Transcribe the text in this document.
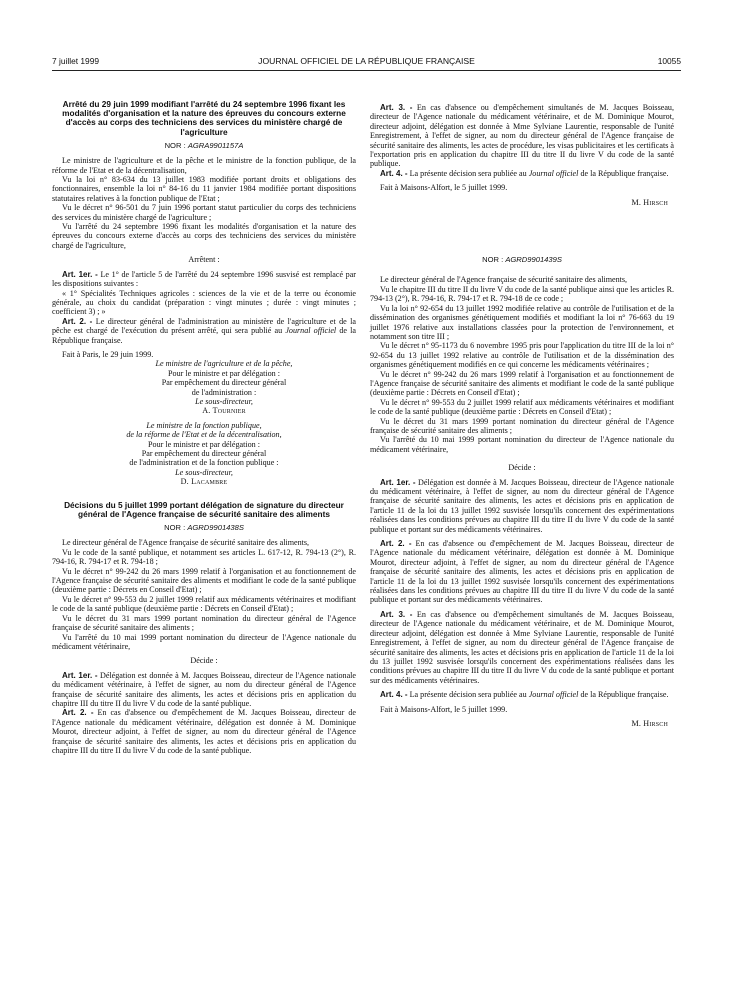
7 juillet 1999	JOURNAL OFFICIEL DE LA RÉPUBLIQUE FRANÇAISE	10055

Arrêté du 29 juin 1999 modifiant l'arrêté du 24 septembre 1996 fixant les modalités d'organisation et la nature des épreuves du concours externe d'accès au corps des techniciens des services du ministère chargé de l'agriculture

NOR : AGRA9901157A

Le ministre de l'agriculture et de la pêche et le ministre de la fonction publique, de la réforme de l'Etat et de la décentralisation,

Vu la loi n° 83-634 du 13 juillet 1983 modifiée portant droits et obligations des fonctionnaires, ensemble la loi n° 84-16 du 11 janvier 1984 modifiée portant dispositions statutaires relatives à la fonction publique de l'Etat ;

Vu le décret n° 96-501 du 7 juin 1996 portant statut particulier du corps des techniciens des services du ministère chargé de l'agriculture ;

Vu l'arrêté du 24 septembre 1996 fixant les modalités d'organisation et la nature des épreuves du concours externe d'accès au corps des techniciens des services du ministère chargé de l'agriculture,

Arrêtent :

Art. 1er. - Le 1° de l'article 5 de l'arrêté du 24 septembre 1996 susvisé est remplacé par les dispositions suivantes :

« 1° Spécialités Techniques agricoles : sciences de la vie et de la terre ou économie générale, au choix du candidat (préparation : vingt minutes ; durée : vingt minutes ; coefficient 3) ; »

Art. 2. - Le directeur général de l'administration au ministère de l'agriculture et de la pêche est chargé de l'exécution du présent arrêté, qui sera publié au Journal officiel de la République française.

Fait à Paris, le 29 juin 1999.

Le ministre de l'agriculture et de la pêche,

Pour le ministre et par délégation :

Par empêchement du directeur général

de l'administration :

Le sous-directeur,

A. Tournier

Le ministre de la fonction publique,

de la réforme de l'Etat et de la décentralisation,

Pour le ministre et par délégation :

Par empêchement du directeur général

de l'administration et de la fonction publique :

Le sous-directeur,

D. Lacambre

Décisions du 5 juillet 1999 portant délégation de signature du directeur général de l'Agence française de sécurité sanitaire des aliments

NOR : AGRD9901438S

Le directeur général de l'Agence française de sécurité sanitaire des aliments,

Vu le code de la santé publique, et notamment ses articles L. 617-12, R. 794-13 (2°), R. 794-16, R. 794-17 et R. 794-18 ;

Vu le décret n° 99-242 du 26 mars 1999 relatif à l'organisation et au fonctionnement de l'Agence française de sécurité sanitaire des aliments et modifiant le code de la santé publique (deuxième partie : Décrets en Conseil d'Etat) ;

Vu le décret n° 99-553 du 2 juillet 1999 relatif aux médicaments vétérinaires et modifiant le code de la santé publique (deuxième partie : Décrets en Conseil d'Etat) ;

Vu le décret du 31 mars 1999 portant nomination du directeur général de l'Agence française de sécurité sanitaire des aliments ;

Vu l'arrêté du 10 mai 1999 portant nomination du directeur de l'Agence nationale du médicament vétérinaire,

Décide :

Art. 1er. - Délégation est donnée à M. Jacques Boisseau, directeur de l'Agence nationale du médicament vétérinaire, à l'effet de signer, au nom du directeur général de l'Agence française de sécurité sanitaire des aliments, les actes et décisions pris en application du chapitre III du titre II du livre V du code de la santé publique.

Art. 2. - En cas d'absence ou d'empêchement de M. Jacques Boisseau, directeur de l'Agence nationale du médicament vétérinaire, délégation est donnée à M. Dominique Mourot, directeur adjoint, à l'effet de signer, au nom du directeur général de l'Agence française de sécurité sanitaire des aliments, les actes et décisions pris en application du chapitre III du titre II du livre V du code de la santé publique.

Art. 3. - En cas d'absence ou d'empêchement simultanés de M. Jacques Boisseau, directeur de l'Agence nationale du médicament vétérinaire, et de M. Dominique Mourot, directeur adjoint, délégation est donnée à Mme Sylviane Laurentie, responsable de l'unité Enregistrement, à l'effet de signer, au nom du directeur général de l'Agence française de sécurité sanitaire des aliments, les actes de procédure, les visas publicitaires et les certificats à l'exportation pris en application du chapitre III du titre II du livre V du code de la santé publique.

Art. 4. - La présente décision sera publiée au Journal officiel de la République française.

Fait à Maisons-Alfort, le 5 juillet 1999.

M. Hirsch

NOR : AGRD9901439S

Le directeur général de l'Agence française de sécurité sanitaire des aliments,

Vu le chapitre III du titre II du livre V du code de la santé publique ainsi que les articles R. 794-13 (2°), R. 794-16, R. 794-17 et R. 794-18 de ce code ;

Vu la loi n° 92-654 du 13 juillet 1992 modifiée relative au contrôle de l'utilisation et de la dissémination des organismes génétiquement modifiés et modifiant la loi n° 76-663 du 19 juillet 1976 relative aux installations classées pour la protection de l'environnement, et notamment son titre III ;

Vu le décret n° 95-1173 du 6 novembre 1995 pris pour l'application du titre III de la loi n° 92-654 du 13 juillet 1992 relative au contrôle de l'utilisation et de la dissémination des organismes génétiquement modifiés en ce qui concerne les médicaments vétérinaires ;

Vu le décret n° 99-242 du 26 mars 1999 relatif à l'organisation et au fonctionnement de l'Agence française de sécurité sanitaire des aliments et modifiant le code de la santé publique (deuxième partie : Décrets en Conseil d'Etat) ;

Vu le décret n° 99-553 du 2 juillet 1999 relatif aux médicaments vétérinaires et modifiant le code de la santé publique (deuxième partie : Décrets en Conseil d'Etat) ;

Vu le décret du 31 mars 1999 portant nomination du directeur général de l'Agence française de sécurité sanitaire des aliments ;

Vu l'arrêté du 10 mai 1999 portant nomination du directeur de l'Agence nationale du médicament vétérinaire,

Décide :

Art. 1er. - Délégation est donnée à M. Jacques Boisseau, directeur de l'Agence nationale du médicament vétérinaire, à l'effet de signer, au nom du directeur général de l'Agence française de sécurité sanitaire des aliments, les actes et décisions pris en application de l'article 11 de la loi du 13 juillet 1992 susvisée lorsqu'ils concernent des expérimentations réalisées dans les conditions prévues au chapitre III du titre II du livre V du code de la santé publique et portant sur des médicaments vétérinaires.

Art. 2. - En cas d'absence ou d'empêchement de M. Jacques Boisseau, directeur de l'Agence nationale du médicament vétérinaire, délégation est donnée à M. Dominique Mourot, directeur adjoint, à l'effet de signer, au nom du directeur général de l'Agence française de sécurité sanitaire des aliments, les actes et décisions pris en application de l'article 11 de la loi du 13 juillet 1992 susvisée lorsqu'ils concernent des expérimentations réalisées dans les conditions prévues au chapitre III du titre II du livre V du code de la santé publique et portant sur des médicaments vétérinaires.

Art. 3. - En cas d'absence ou d'empêchement simultanés de M. Jacques Boisseau, directeur de l'Agence nationale du médicament vétérinaire, et de M. Dominique Mourot, directeur adjoint, délégation est donnée à Mme Sylviane Laurentie, responsable de l'unité Enregistrement, à l'effet de signer, au nom du directeur général de l'Agence française de sécurité sanitaire des aliments, les actes et décisions pris en application de l'article 11 de la loi du 13 juillet 1992 susvisée lorsqu'ils concernent des expérimentations réalisées dans les conditions prévues au chapitre III du titre II du livre V du code de la santé publique et portant sur des médicaments vétérinaires.

Art. 4. - La présente décision sera publiée au Journal officiel de la République française.

Fait à Maisons-Alfort, le 5 juillet 1999.

M. Hirsch
